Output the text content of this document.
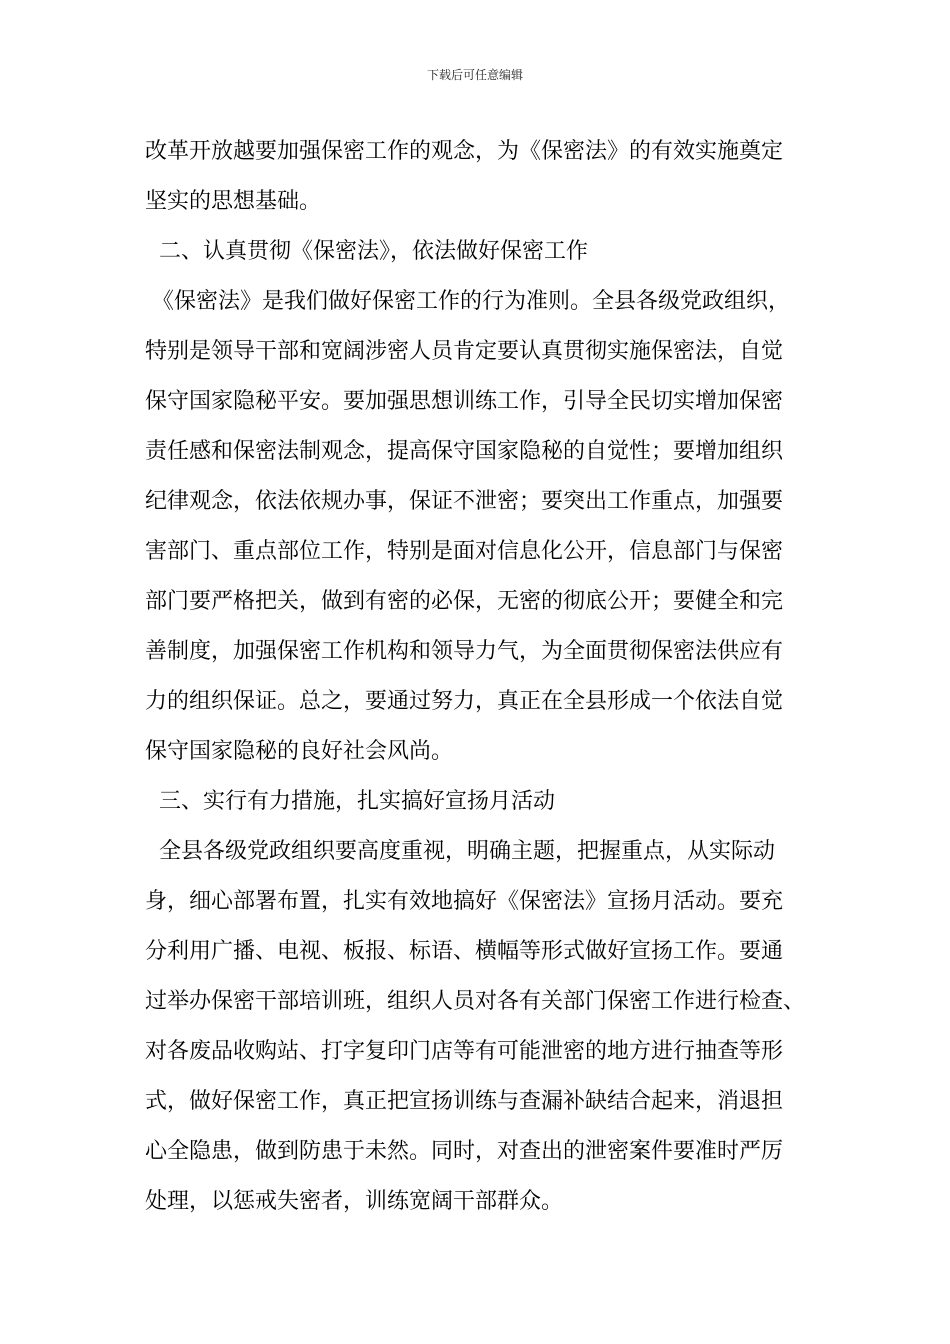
下载后可任意编辑
改革开放越要加强保密工作的观念，为《保密法》的有效实施奠定
坚实的思想基础。
二、认真贯彻《保密法》，依法做好保密工作
《保密法》是我们做好保密工作的行为准则。全县各级党政组织，
特别是领导干部和宽阔涉密人员肯定要认真贯彻实施保密法，自觉
保守国家隐秘平安。要加强思想训练工作，引导全民切实增加保密
责任感和保密法制观念，提高保守国家隐秘的自觉性；要增加组织
纪律观念，依法依规办事，保证不泄密；要突出工作重点，加强要
害部门、重点部位工作，特别是面对信息化公开，信息部门与保密
部门要严格把关，做到有密的必保，无密的彻底公开；要健全和完
善制度，加强保密工作机构和领导力气，为全面贯彻保密法供应有
力的组织保证。总之，要通过努力，真正在全县形成一个依法自觉
保守国家隐秘的良好社会风尚。
三、实行有力措施，扎实搞好宣扬月活动
全县各级党政组织要高度重视，明确主题，把握重点，从实际动
身，细心部署布置，扎实有效地搞好《保密法》宣扬月活动。要充
分利用广播、电视、板报、标语、横幅等形式做好宣扬工作。要通
过举办保密干部培训班，组织人员对各有关部门保密工作进行检查、
对各废品收购站、打字复印门店等有可能泄密的地方进行抽查等形
式，做好保密工作，真正把宣扬训练与查漏补缺结合起来，消退担
心全隐患，做到防患于未然。同时，对查出的泄密案件要准时严厉
处理，以惩戒失密者，训练宽阔干部群众。
